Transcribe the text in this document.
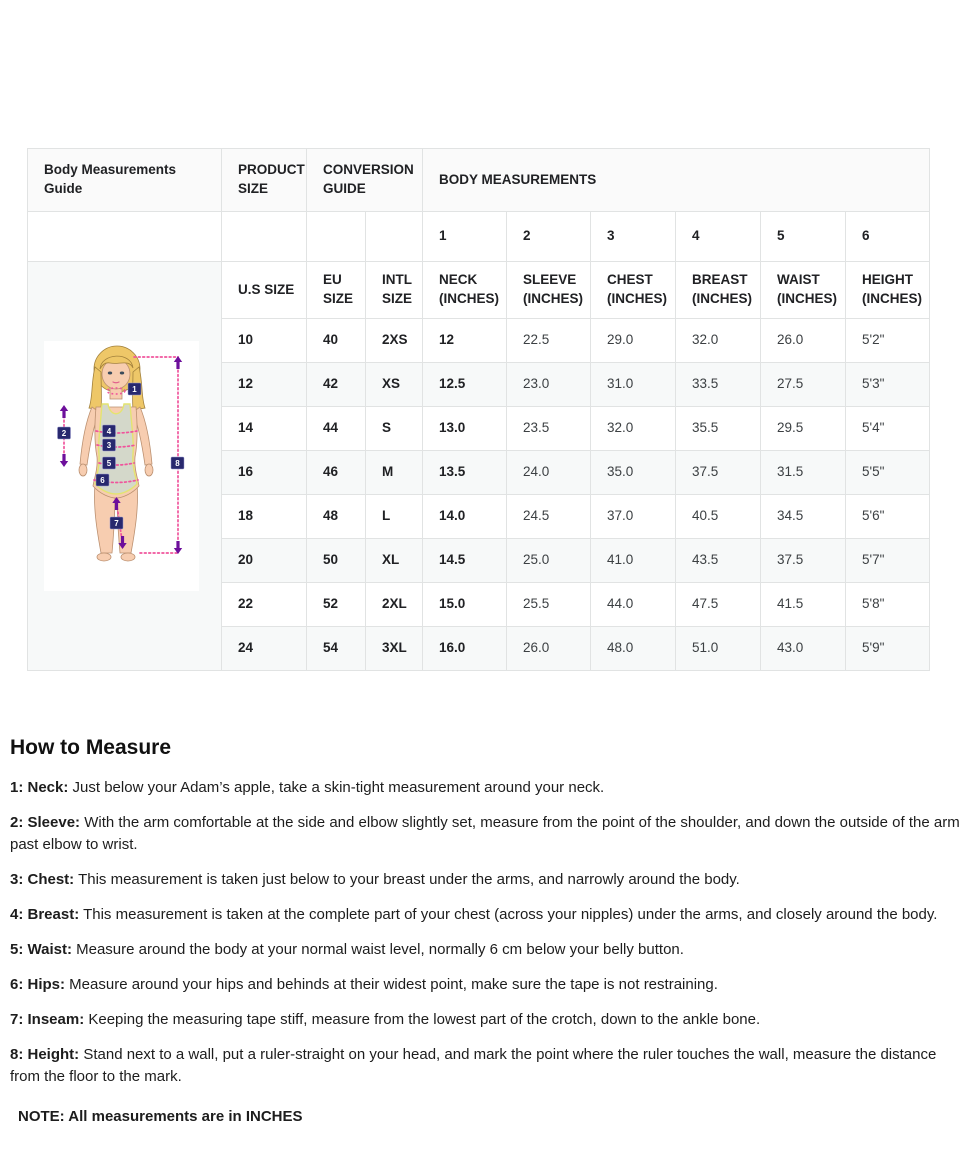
Body Measurements Guide	PRODUCT SIZE	CONVERSION GUIDE		BODY MEASUREMENTS					
				1	2	3	4	5	6

1
2
3
4
5
6
7
8
	U.S SIZE	EU SIZE	INTL SIZE	NECK (INCHES)	SLEEVE (INCHES)	CHEST (INCHES)	BREAST (INCHES)	WAIST (INCHES)	HEIGHT (INCHES)
	10	40	2XS	12	22.5	29.0	32.0	26.0	5'2"
	12	42	XS	12.5	23.0	31.0	33.5	27.5	5'3"
	14	44	S	13.0	23.5	32.0	35.5	29.5	5'4"
	16	46	M	13.5	24.0	35.0	37.5	31.5	5'5"
	18	48	L	14.0	24.5	37.0	40.5	34.5	5'6"
	20	50	XL	14.5	25.0	41.0	43.5	37.5	5'7"
	22	52	2XL	15.0	25.5	44.0	47.5	41.5	5'8"
	24	54	3XL	16.0	26.0	48.0	51.0	43.0	5'9"
How to Measure

1: Neck: Just below your Adam’s apple, take a skin-tight measurement around your neck.

2: Sleeve: With the arm comfortable at the side and elbow slightly set, measure from the point of the shoulder, and down the outside of the arm past elbow to wrist.

3: Chest: This measurement is taken just below to your breast under the arms, and narrowly around the body.

4: Breast: This measurement is taken at the complete part of your chest (across your nipples) under the arms, and closely around the body.

5: Waist: Measure around the body at your normal waist level, normally 6 cm below your belly button.

6: Hips: Measure around your hips and behinds at their widest point, make sure the tape is not restraining.

7: Inseam: Keeping the measuring tape stiff, measure from the lowest part of the crotch, down to the ankle bone.

8: Height: Stand next to a wall, put a ruler-straight on your head, and mark the point where the ruler touches the wall, measure the distance from the floor to the mark.

NOTE: All measurements are in INCHES
